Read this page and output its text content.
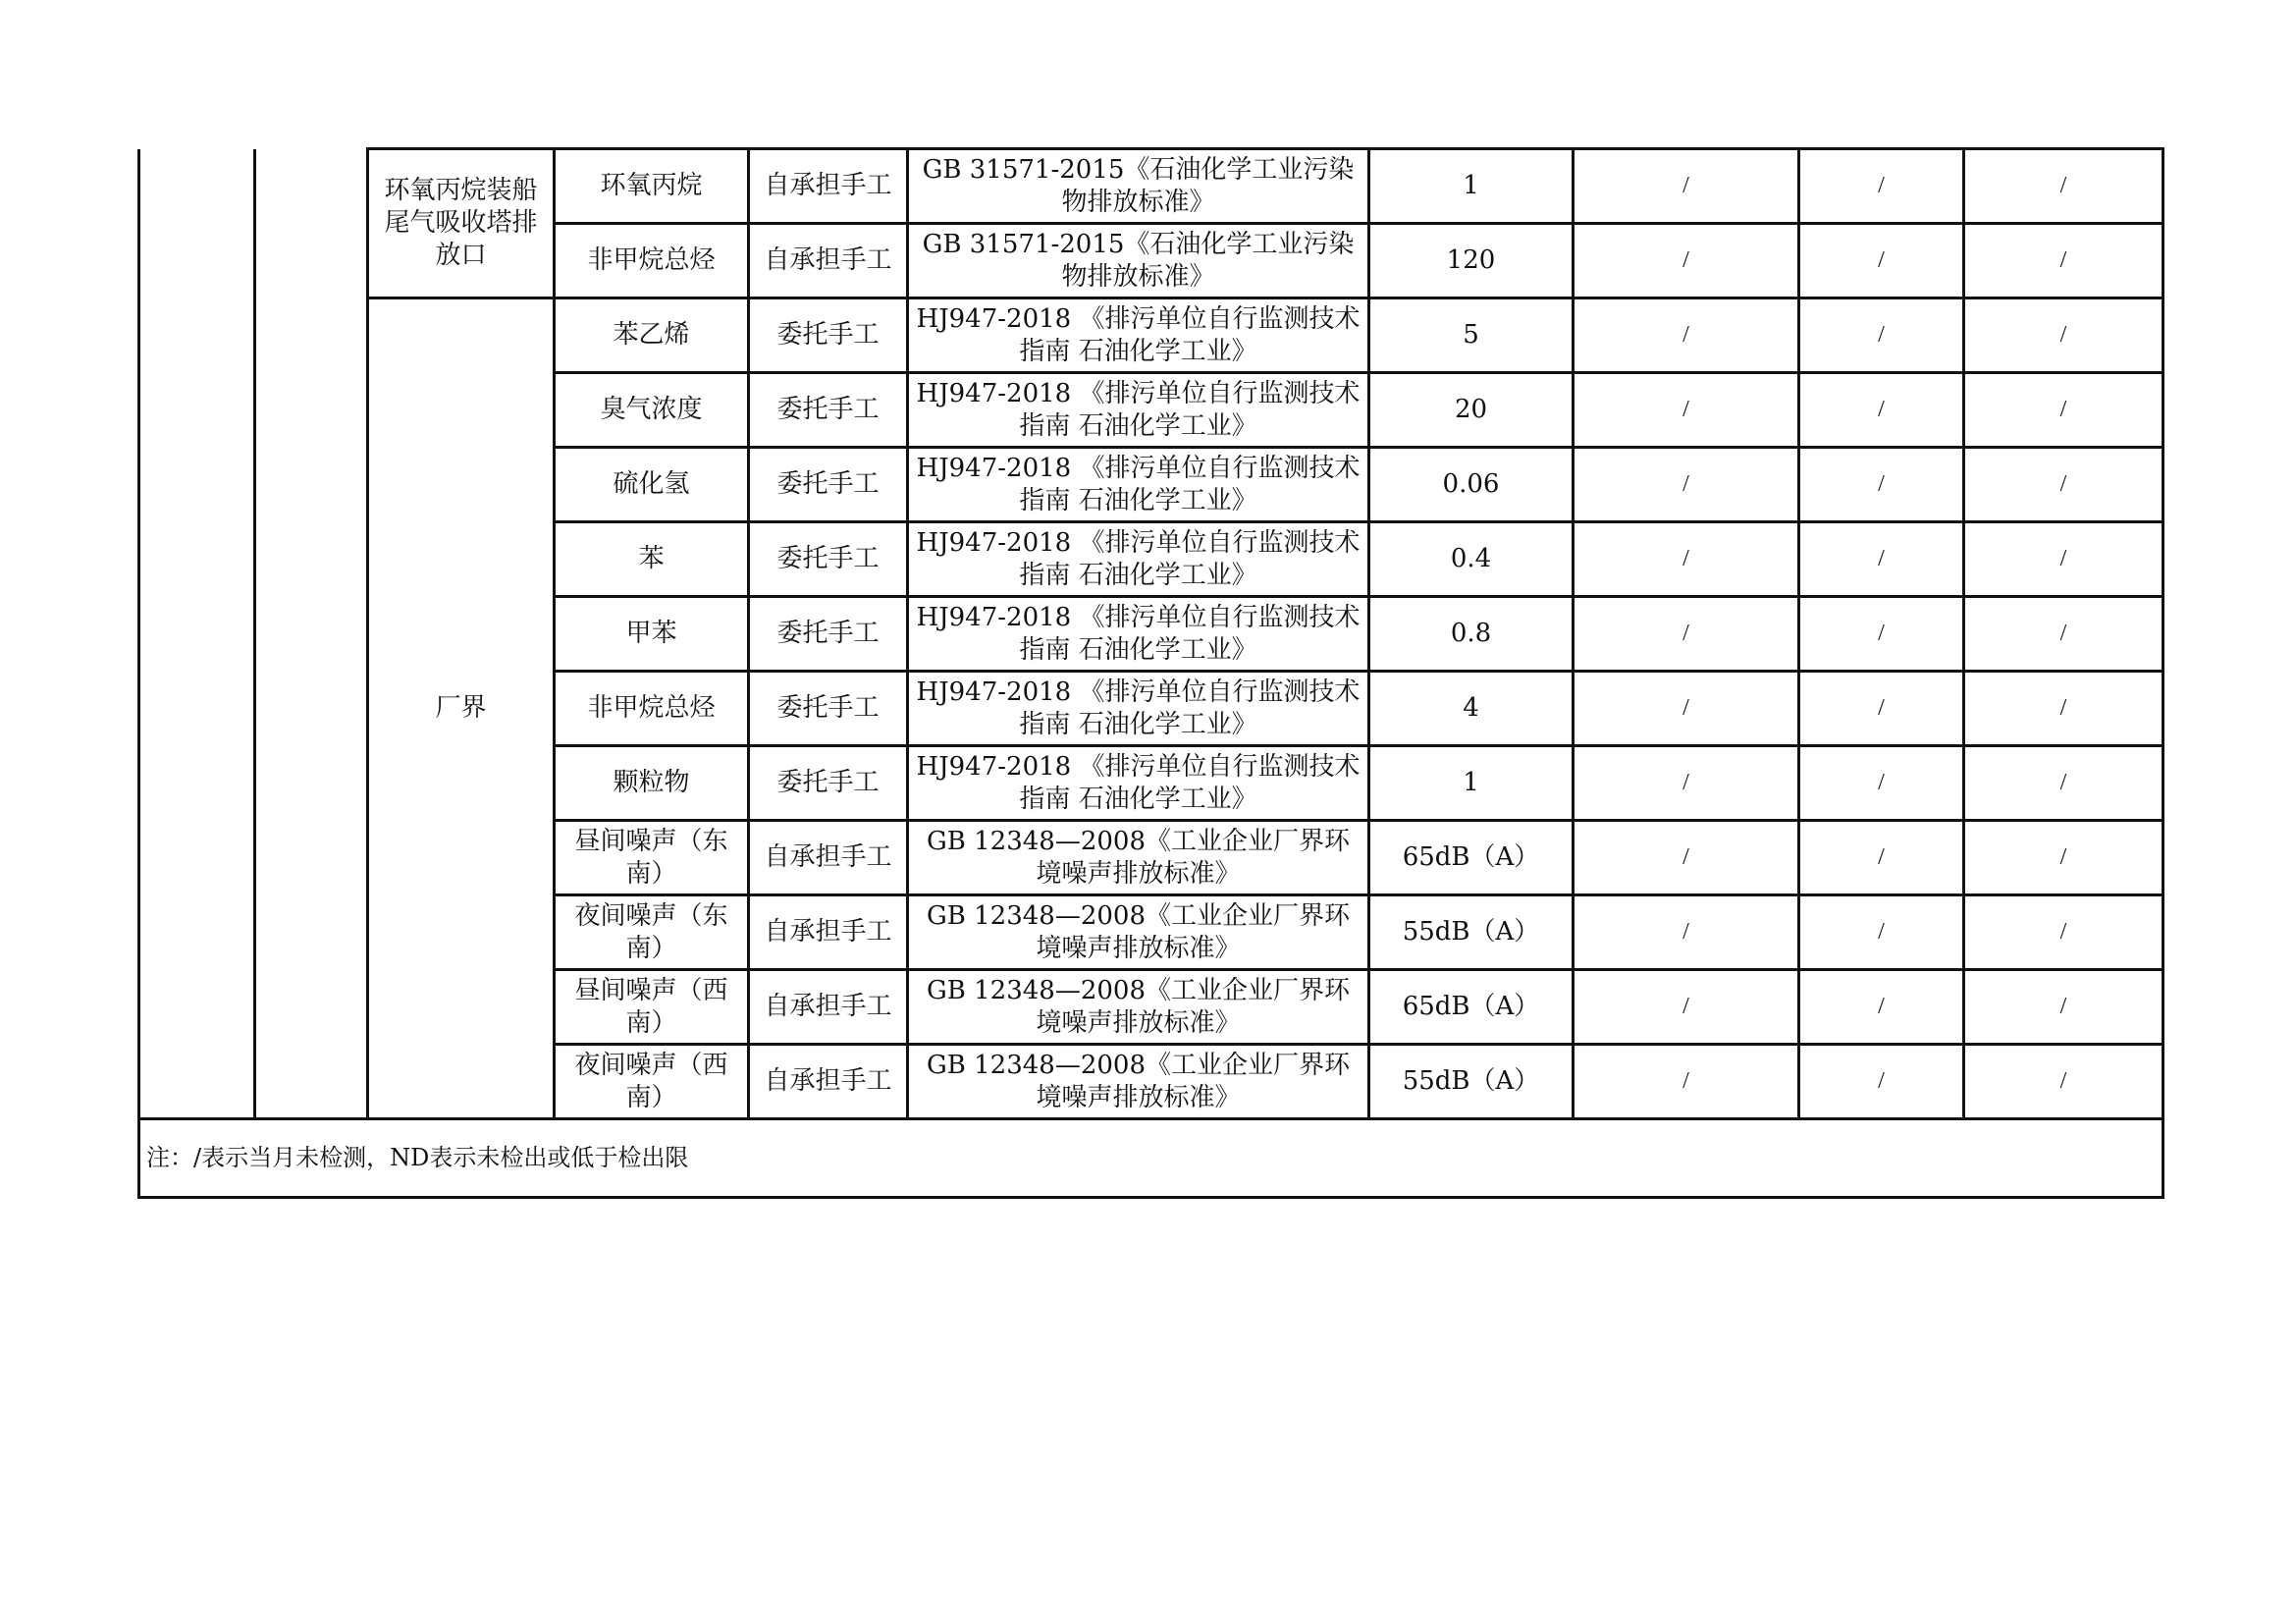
		环氧丙烷装船尾气吸收塔排放口	环氧丙烷	自承担手工	GB 31571-2015《石油化学工业污染物排放标准》	1	/	/	/
			非甲烷总烃	自承担手工	GB 31571-2015《石油化学工业污染物排放标准》	120	/	/	/
		厂界	苯乙烯	委托手工	HJ947-2018 《排污单位自行监测技术指南 石油化学工业》	5	/	/	/
			臭气浓度	委托手工	HJ947-2018 《排污单位自行监测技术指南 石油化学工业》	20	/	/	/
			硫化氢	委托手工	HJ947-2018 《排污单位自行监测技术指南 石油化学工业》	0.06	/	/	/
			苯	委托手工	HJ947-2018 《排污单位自行监测技术指南 石油化学工业》	0.4	/	/	/
			甲苯	委托手工	HJ947-2018 《排污单位自行监测技术指南 石油化学工业》	0.8	/	/	/
			非甲烷总烃	委托手工	HJ947-2018 《排污单位自行监测技术指南 石油化学工业》	4	/	/	/
			颗粒物	委托手工	HJ947-2018 《排污单位自行监测技术指南 石油化学工业》	1	/	/	/
			昼间噪声（东南）	自承担手工	GB 12348—2008《工业企业厂界环境噪声排放标准》	65dB（A）	/	/	/
			夜间噪声（东南）	自承担手工	GB 12348—2008《工业企业厂界环境噪声排放标准》	55dB（A）	/	/	/
			昼间噪声（西南）	自承担手工	GB 12348—2008《工业企业厂界环境噪声排放标准》	65dB（A）	/	/	/
			夜间噪声（西南）	自承担手工	GB 12348—2008《工业企业厂界环境噪声排放标准》	55dB（A）	/	/	/
注：/表示当月未检测，ND表示未检出或低于检出限									
